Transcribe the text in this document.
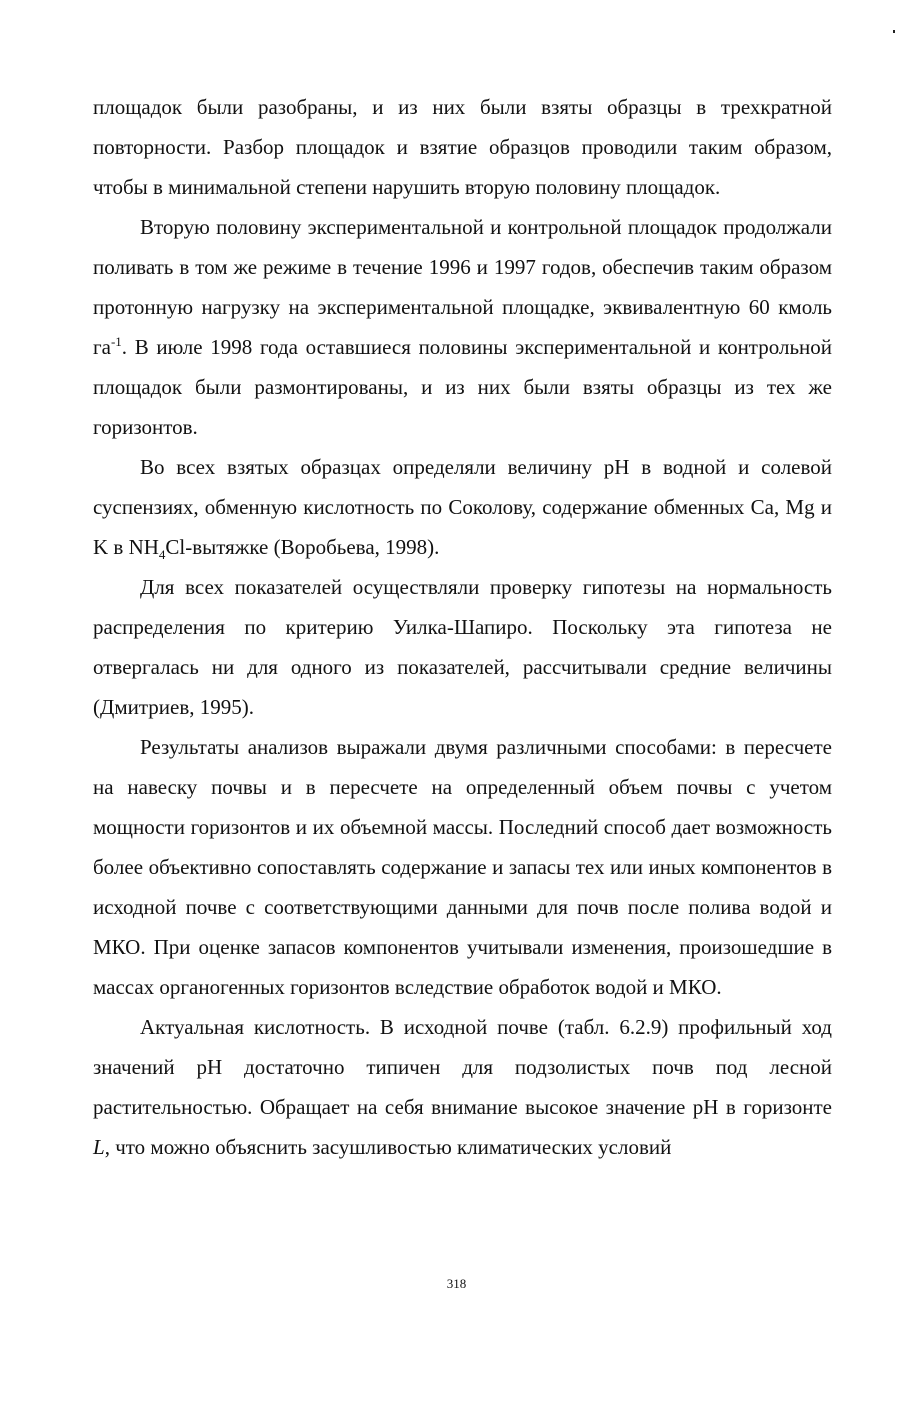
площадок были разобраны, и из них были взяты образцы в трехкратной повторности. Разбор площадок и взятие образцов проводили таким образом, чтобы в минимальной степени нарушить вторую половину площадок.

Вторую половину экспериментальной и контрольной площадок продолжали поливать в том же режиме в течение 1996 и 1997 годов, обеспечив таким образом протонную нагрузку на экспериментальной площадке, эквивалентную 60 кмоль $га^{-1}$. В июле 1998 года оставшиеся половины экспериментальной и контрольной площадок были размонтированы, и из них были взяты образцы из тех же горизонтов.

Во всех взятых образцах определяли величину pH в водной и солевой суспензиях, обменную кислотность по Соколову, содержание обменных Ca, Mg и K в $NH_4Cl$-вытяжке (Воробьева, 1998).

Для всех показателей осуществляли проверку гипотезы на нормальность распределения по критерию Уилка-Шапиро. Поскольку эта гипотеза не отвергалась ни для одного из показателей, рассчитывали средние величины (Дмитриев, 1995).

Результаты анализов выражали двумя различными способами: в пересчете на навеску почвы и в пересчете на определенный объем почвы с учетом мощности горизонтов и их объемной массы. Последний способ дает возможность более объективно сопоставлять содержание и запасы тех или иных компонентов в исходной почве с соответствующими данными для почв после полива водой и МКО. При оценке запасов компонентов учитывали изменения, произошедшие в массах органогенных горизонтов вследствие обработок водой и МКО.

Актуальная кислотность. В исходной почве (табл. 6.2.9) профильный ход значений pH достаточно типичен для подзолистых почв под лесной растительностью. Обращает на себя внимание высокое значение pH в горизонте L, что можно объяснить засушливостью климатических условий

318
